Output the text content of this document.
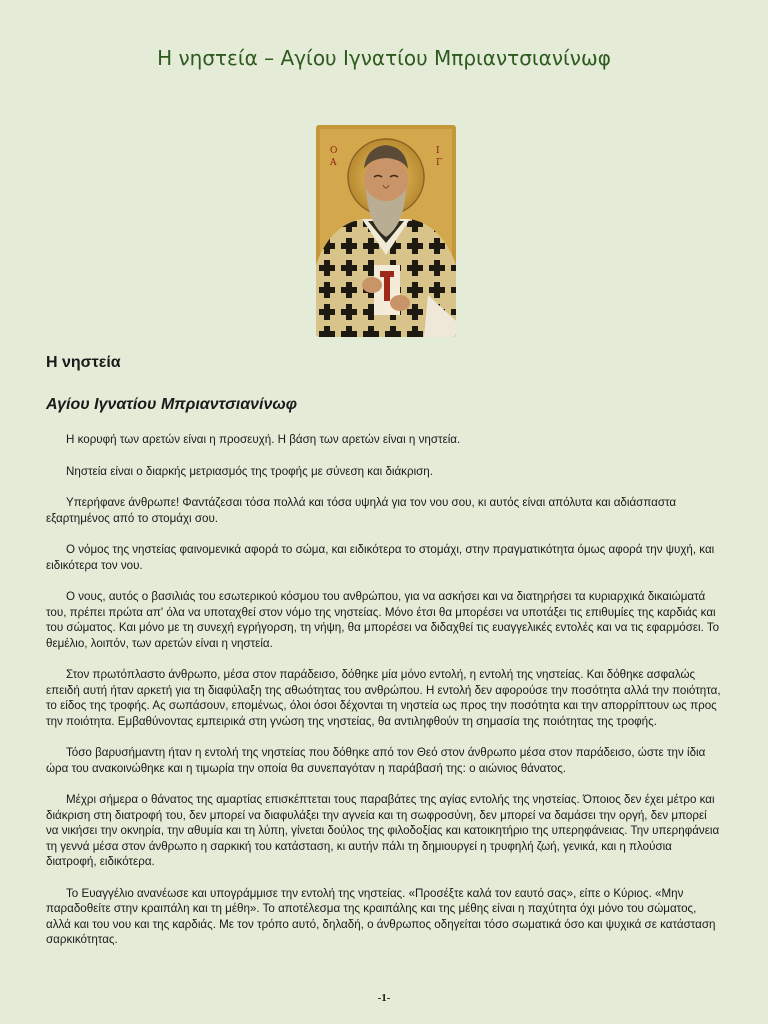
Η νηστεία – Αγίου Ιγνατίου Μπριαντσιανίνωφ
Ο
Α
Ι
Γ
Η νηστεία
Αγίου Ιγνατίου Μπριαντσιανίνωφ

Η κορυφή των αρετών είναι η προσευχή. Η βάση των αρετών είναι η νηστεία.

Νηστεία είναι ο διαρκής μετριασμός της τροφής με σύνεση και διάκριση.

Υπερήφανε άνθρωπε! Φαντάζεσαι τόσα πολλά και τόσα υψηλά για τον νου σου, κι αυτός είναι απόλυτα και αδιάσπαστα εξαρτημένος από το στομάχι σου.

Ο νόμος της νηστείας φαινομενικά αφορά το σώμα, και ειδικότερα το στομάχι, στην πραγματικότητα όμως αφορά την ψυχή, και ειδικότερα τον νου.

Ο νους, αυτός ο βασιλιάς του εσωτερικού κόσμου του ανθρώπου, για να ασκήσει και να διατηρήσει τα κυριαρχικά δικαιώματά του, πρέπει πρώτα απ' όλα να υποταχθεί στον νόμο της νηστείας. Μόνο έτσι θα μπορέσει να υποτάξει τις επιθυμίες της καρδιάς και του σώματος. Και μόνο με τη συνεχή εγρήγορση, τη νήψη, θα μπορέσει να διδαχθεί τις ευαγγελικές εντολές και να τις εφαρμόσει. Το θεμέλιο, λοιπόν, των αρετών είναι η νηστεία.

Στον πρωτόπλαστο άνθρωπο, μέσα στον παράδεισο, δόθηκε μία μόνο εντολή, η εντολή της νηστείας. Και δόθηκε ασφαλώς επειδή αυτή ήταν αρκετή για τη διαφύλαξη της αθωότητας του ανθρώπου. Η εντολή δεν αφορούσε την ποσότητα αλλά την ποιότητα, το είδος της τροφής. Ας σωπάσουν, επομένως, όλοι όσοι δέχονται τη νηστεία ως προς την ποσότητα και την απορρίπτουν ως προς την ποιότητα. Εμβαθύνοντας εμπειρικά στη γνώση της νηστείας, θα αντιληφθούν τη σημασία της ποιότητας της τροφής.

Τόσο βαρυσήμαντη ήταν η εντολή της νηστείας που δόθηκε από τον Θεό στον άνθρωπο μέσα στον παράδεισο, ώστε την ίδια ώρα του ανακοινώθηκε και η τιμωρία την οποία θα συνεπαγόταν η παράβασή της: ο αιώνιος θάνατος.

Μέχρι σήμερα ο θάνατος της αμαρτίας επισκέπτεται τους παραβάτες της αγίας εντολής της νηστείας. Όποιος δεν έχει μέτρο και διάκριση στη διατροφή του, δεν μπορεί να διαφυλάξει την αγνεία και τη σωφροσύνη, δεν μπορεί να δαμάσει την οργή, δεν μπορεί να νικήσει την οκνηρία, την αθυμία και τη λύπη, γίνεται δούλος της φιλοδοξίας και κατοικητήριο της υπερηφάνειας. Την υπερηφάνεια τη γεννά μέσα στον άνθρωπο η σαρκική του κατάσταση, κι αυτήν πάλι τη δημιουργεί η τρυφηλή ζωή, γενικά, και η πλούσια διατροφή, ειδικότερα.

Το Ευαγγέλιο ανανέωσε και υπογράμμισε την εντολή της νηστείας. «Προσέξτε καλά τον εαυτό σας», είπε ο Κύριος. «Μην παραδοθείτε στην κραιπάλη και τη μέθη». Το αποτέλεσμα της κραιπάλης και της μέθης είναι η παχύτητα όχι μόνο του σώματος, αλλά και του νου και της καρδιάς. Με τον τρόπο αυτό, δηλαδή, ο άνθρωπος οδηγείται τόσο σωματικά όσο και ψυχικά σε κατάσταση σαρκικότητας.

-1-
